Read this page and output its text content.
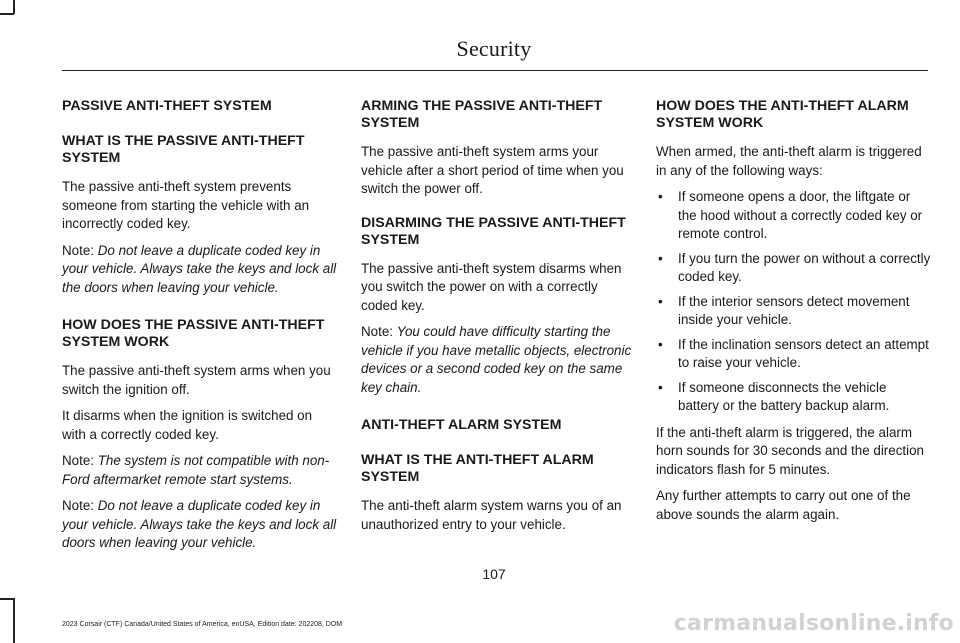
Security
PASSIVE ANTI-THEFT SYSTEM
WHAT IS THE PASSIVE ANTI-THEFT SYSTEM

The passive anti-theft system prevents someone from starting the vehicle with an incorrectly coded key.

Note: Do not leave a duplicate coded key in your vehicle. Always take the keys and lock all the doors when leaving your vehicle.

HOW DOES THE PASSIVE ANTI-THEFT SYSTEM WORK

The passive anti-theft system arms when you switch the ignition off.

It disarms when the ignition is switched on with a correctly coded key.

Note: The system is not compatible with non-Ford aftermarket remote start systems.

Note: Do not leave a duplicate coded key in your vehicle. Always take the keys and lock all doors when leaving your vehicle.

ARMING THE PASSIVE ANTI-THEFT SYSTEM

The passive anti-theft system arms your vehicle after a short period of time when you switch the power off.

DISARMING THE PASSIVE ANTI-THEFT SYSTEM

The passive anti-theft system disarms when you switch the power on with a correctly coded key.

Note: You could have difficulty starting the vehicle if you have metallic objects, electronic devices or a second coded key on the same key chain.

ANTI-THEFT ALARM SYSTEM
WHAT IS THE ANTI-THEFT ALARM SYSTEM

The anti-theft alarm system warns you of an unauthorized entry to your vehicle.

HOW DOES THE ANTI-THEFT ALARM SYSTEM WORK

When armed, the anti-theft alarm is triggered in any of the following ways:

• If someone opens a door, the liftgate or the hood without a correctly coded key or remote control.
• If you turn the power on without a correctly coded key.
• If the interior sensors detect movement inside your vehicle.
• If the inclination sensors detect an attempt to raise your vehicle.
• If someone disconnects the vehicle battery or the battery backup alarm.

If the anti-theft alarm is triggered, the alarm horn sounds for 30 seconds and the direction indicators flash for 5 minutes.

Any further attempts to carry out one of the above sounds the alarm again.

107
2023 Corsair (CTF) Canada/United States of America, enUSA, Edition date: 202208, DOM	carmanualsonline.info
